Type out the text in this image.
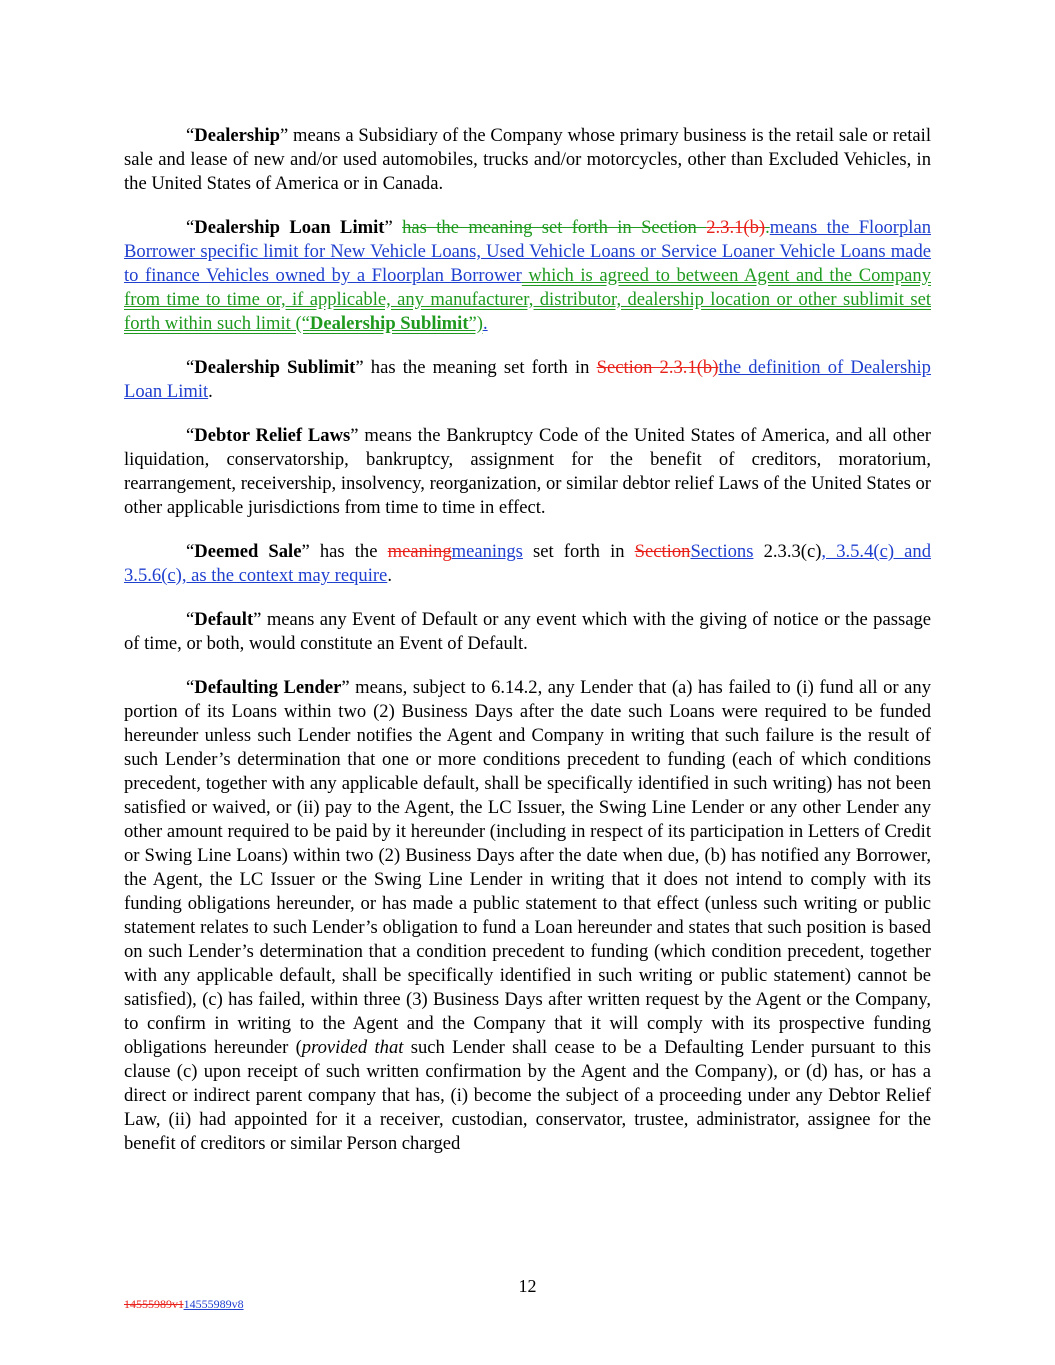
“Dealership” means a Subsidiary of the Company whose primary business is the retail sale or retail sale and lease of new and/or used automobiles, trucks and/or motorcycles, other than Excluded Vehicles, in the United States of America or in Canada.

“Dealership Loan Limit” has the meaning set forth in Section 2.3.1(b).means the Floorplan Borrower specific limit for New Vehicle Loans, Used Vehicle Loans or Service Loaner Vehicle Loans made to finance Vehicles owned by a Floorplan Borrower which is agreed to between Agent and the Company from time to time or, if applicable, any manufacturer, distributor, dealership location or other sublimit set forth within such limit (“Dealership Sublimit”).

“Dealership Sublimit” has the meaning set forth in Section 2.3.1(b)the definition of Dealership Loan Limit.

“Debtor Relief Laws” means the Bankruptcy Code of the United States of America, and all other liquidation, conservatorship, bankruptcy, assignment for the benefit of creditors, moratorium, rearrangement, receivership, insolvency, reorganization, or similar debtor relief Laws of the United States or other applicable jurisdictions from time to time in effect.

“Deemed Sale” has the meaningmeanings set forth in SectionSections 2.3.3(c), 3.5.4(c) and 3.5.6(c), as the context may require.

“Default” means any Event of Default or any event which with the giving of notice or the passage of time, or both, would constitute an Event of Default.

“Defaulting Lender” means, subject to 6.14.2, any Lender that (a) has failed to (i) fund all or any portion of its Loans within two (2) Business Days after the date such Loans were required to be funded hereunder unless such Lender notifies the Agent and Company in writing that such failure is the result of such Lender’s determination that one or more conditions precedent to funding (each of which conditions precedent, together with any applicable default, shall be specifically identified in such writing) has not been satisfied or waived, or (ii) pay to the Agent, the LC Issuer, the Swing Line Lender or any other Lender any other amount required to be paid by it hereunder (including in respect of its participation in Letters of Credit or Swing Line Loans) within two (2) Business Days after the date when due, (b) has notified any Borrower, the Agent, the LC Issuer or the Swing Line Lender in writing that it does not intend to comply with its funding obligations hereunder, or has made a public statement to that effect (unless such writing or public statement relates to such Lender’s obligation to fund a Loan hereunder and states that such position is based on such Lender’s determination that a condition precedent to funding (which condition precedent, together with any applicable default, shall be specifically identified in such writing or public statement) cannot be satisfied), (c) has failed, within three (3) Business Days after written request by the Agent or the Company, to confirm in writing to the Agent and the Company that it will comply with its prospective funding obligations hereunder (provided that such Lender shall cease to be a Defaulting Lender pursuant to this clause (c) upon receipt of such written confirmation by the Agent and the Company), or (d) has, or has a direct or indirect parent company that has, (i) become the subject of a proceeding under any Debtor Relief Law, (ii) had appointed for it a receiver, custodian, conservator, trustee, administrator, assignee for the benefit of creditors or similar Person charged

12
14555989v114555989v8
